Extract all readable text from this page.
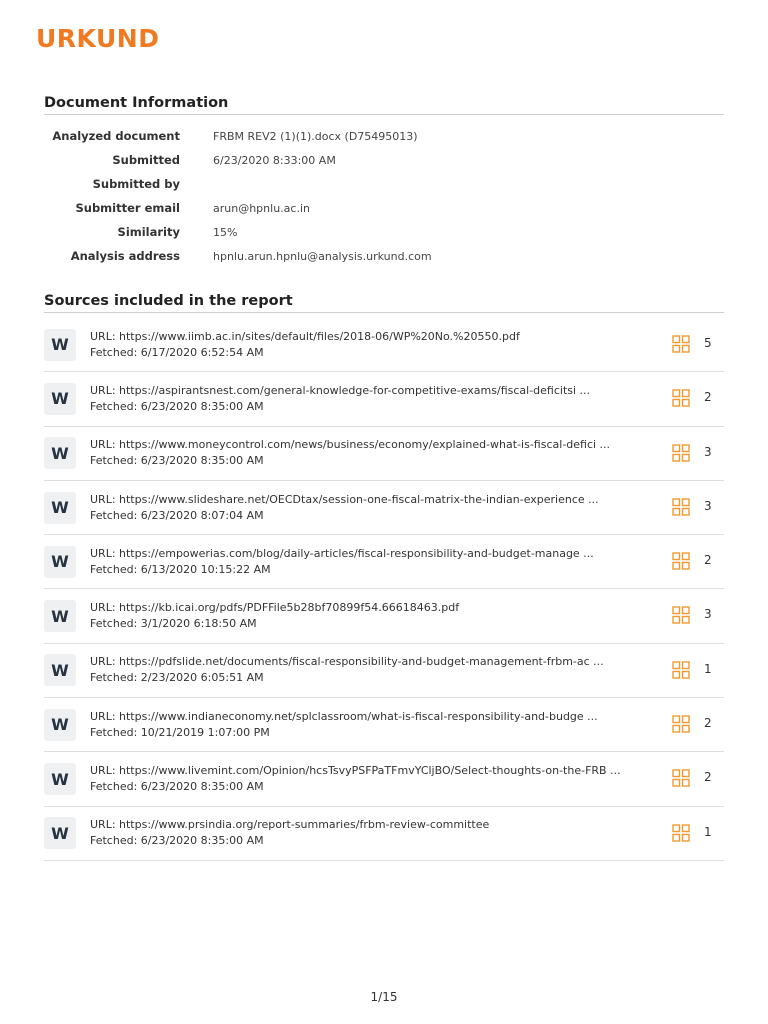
URKUND
Document Information
Analyzed document	FRBM REV2 (1)(1).docx (D75495013)
Submitted	6/23/2020 8:33:00 AM
Submitted by
Submitter email	arun@hpnlu.ac.in
Similarity	15%
Analysis address	hpnlu.arun.hpnlu@analysis.urkund.com
Sources included in the report
W	URL: https://www.iimb.ac.in/sites/default/files/2018-06/WP%20No.%20550.pdf
Fetched: 6/17/2020 6:52:54 AM
5
W	URL: https://aspirantsnest.com/general-knowledge-for-competitive-exams/fiscal-deficitsi ...
Fetched: 6/23/2020 8:35:00 AM
2
W	URL: https://www.moneycontrol.com/news/business/economy/explained-what-is-fiscal-defici ...
Fetched: 6/23/2020 8:35:00 AM
3
W	URL: https://www.slideshare.net/OECDtax/session-one-fiscal-matrix-the-indian-experience ...
Fetched: 6/23/2020 8:07:04 AM
3
W	URL: https://empowerias.com/blog/daily-articles/fiscal-responsibility-and-budget-manage ...
Fetched: 6/13/2020 10:15:22 AM
2
W	URL: https://kb.icai.org/pdfs/PDFFile5b28bf70899f54.66618463.pdf
Fetched: 3/1/2020 6:18:50 AM
3
W	URL: https://pdfslide.net/documents/fiscal-responsibility-and-budget-management-frbm-ac ...
Fetched: 2/23/2020 6:05:51 AM
1
W	URL: https://www.indianeconomy.net/splclassroom/what-is-fiscal-responsibility-and-budge ...
Fetched: 10/21/2019 1:07:00 PM
2
W	URL: https://www.livemint.com/Opinion/hcsTsvyPSFPaTFmvYCljBO/Select-thoughts-on-the-FRB ...
Fetched: 6/23/2020 8:35:00 AM
2
W	URL: https://www.prsindia.org/report-summaries/frbm-review-committee
Fetched: 6/23/2020 8:35:00 AM
1
1/15
